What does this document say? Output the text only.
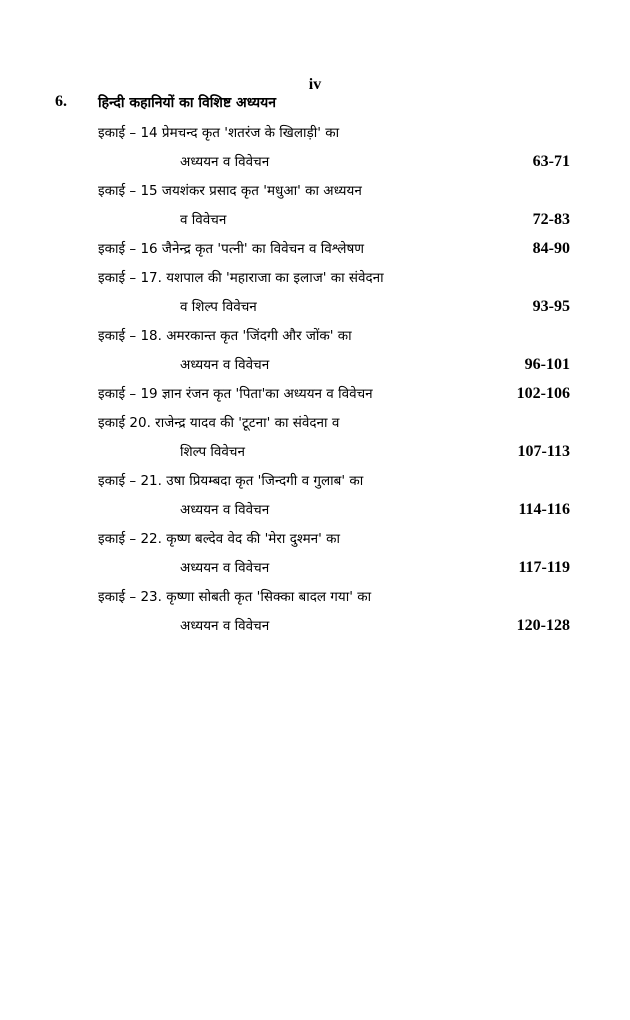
iv
6. हिन्दी कहानियों का विशिष्ट अध्ययन
इकाई – 14 प्रेमचन्द कृत 'शतरंज के खिलाड़ी' का
अध्ययन व विवेचन	63-71
इकाई – 15 जयशंकर प्रसाद कृत 'मधुआ' का अध्ययन
व विवेचन	72-83
इकाई – 16 जैनेन्द्र कृत 'पत्नी' का विवेचन व विश्लेषण	84-90
इकाई – 17. यशपाल की 'महाराजा का इलाज' का संवेदना
व शिल्प विवेचन	93-95
इकाई – 18. अमरकान्त कृत 'जिंदगी और जोंक' का
अध्ययन व विवेचन	96-101
इकाई – 19 ज्ञान रंजन कृत 'पिता'का अध्ययन व विवेचन	102-106
इकाई 20. राजेन्द्र यादव की 'टूटना' का संवेदना व
शिल्प विवेचन	107-113
इकाई – 21. उषा प्रियम्बदा कृत 'जिन्दगी व गुलाब' का
अध्ययन व विवेचन	114-116
इकाई – 22. कृष्ण बल्देव वेद की 'मेरा दुश्मन' का
अध्ययन व विवेचन	117-119
इकाई – 23. कृष्णा सोबती कृत 'सिक्का बादल गया' का
अध्ययन व विवेचन	120-128
